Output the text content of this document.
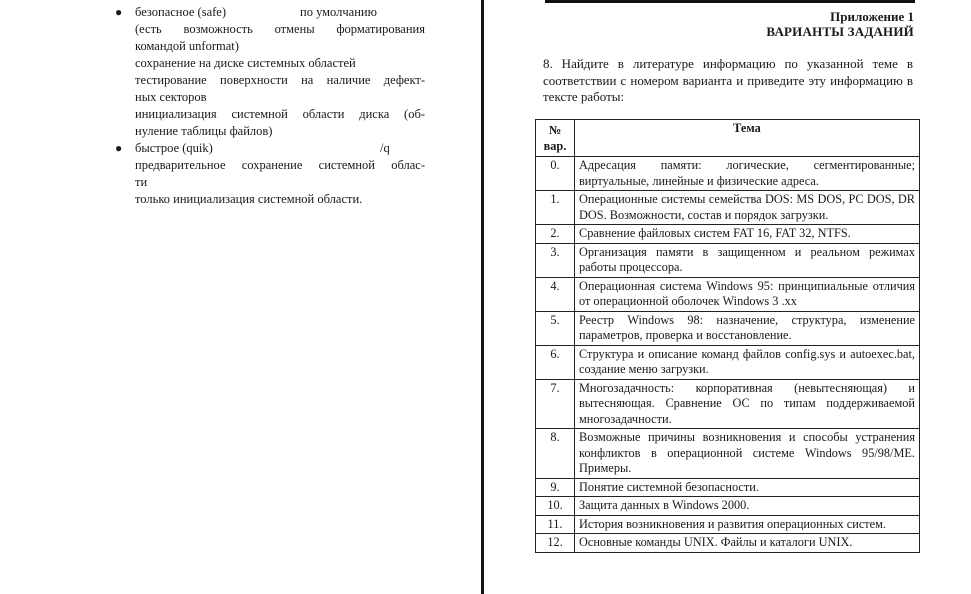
● безопасное (safe)	по умолчанию
(есть возможность отмены форматирования
командой unformat)
сохранение на диске системных областей
тестирование поверхности на наличие дефект-
ных секторов
инициализация системной области диска (об-
нуление таблицы файлов)
● быстрое (quik)	/q
предварительное сохранение системной облас-
ти
только инициализация системной области.
Приложение 1
ВАРИАНТЫ ЗАДАНИЙ
8. Найдите в литературе информацию по указанной теме в соответствии с номером варианта и приведите эту информацию в тексте работы:
№ вар.	Тема
0.	Адресация памяти: логические, сегментированные; виртуальные, линейные и физические адреса.
1.	Операционные системы семейства DOS: MS DOS, PC DOS, DR DOS. Возможности, состав и порядок загрузки.
2.	Сравнение файловых систем FAT 16, FAT 32, NTFS.
3.	Организация памяти в защищенном и реальном режимах работы процессора.
4.	Операционная система Windows 95: принципиальные отличия от операционной оболочек Windows 3 .xx
5.	Реестр Windows 98: назначение, структура, изменение параметров, проверка и восстановление.
6.	Структура и описание команд файлов config.sys и autoexec.bat, создание меню загрузки.
7.	Многозадачность: корпоративная (невытесняющая) и вытесняющая. Сравнение ОС по типам поддерживаемой многозадачности.
8.	Возможные причины возникновения и способы устранения конфликтов в операционной системе Windows 95/98/ME. Примеры.
9.	Понятие системной безопасности.
10.	Защита данных в Windows 2000.
11.	История возникновения и развития операционных систем.
12.	Основные команды UNIX. Файлы и каталоги UNIX.
